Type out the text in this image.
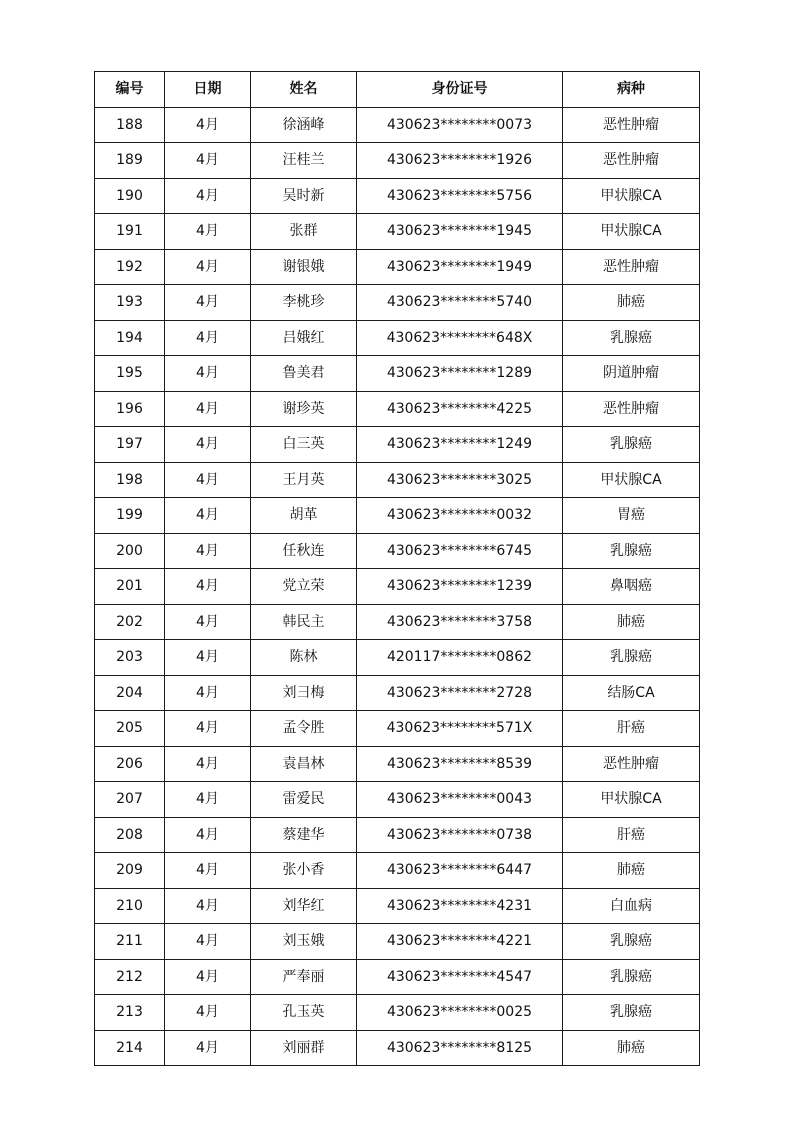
编号	日期	姓名	身份证号	病种
188	4月	徐涵峰	430623********0073	恶性肿瘤
189	4月	汪桂兰	430623********1926	恶性肿瘤
190	4月	吴时新	430623********5756	甲状腺CA
191	4月	张群	430623********1945	甲状腺CA
192	4月	谢银娥	430623********1949	恶性肿瘤
193	4月	李桃珍	430623********5740	肺癌
194	4月	吕娥红	430623********648X	乳腺癌
195	4月	鲁美君	430623********1289	阴道肿瘤
196	4月	谢珍英	430623********4225	恶性肿瘤
197	4月	白三英	430623********1249	乳腺癌
198	4月	王月英	430623********3025	甲状腺CA
199	4月	胡革	430623********0032	胃癌
200	4月	任秋连	430623********6745	乳腺癌
201	4月	党立荣	430623********1239	鼻咽癌
202	4月	韩民主	430623********3758	肺癌
203	4月	陈林	420117********0862	乳腺癌
204	4月	刘彐梅	430623********2728	结肠CA
205	4月	孟令胜	430623********571X	肝癌
206	4月	袁昌林	430623********8539	恶性肿瘤
207	4月	雷爱民	430623********0043	甲状腺CA
208	4月	蔡建华	430623********0738	肝癌
209	4月	张小香	430623********6447	肺癌
210	4月	刘华红	430623********4231	白血病
211	4月	刘玉娥	430623********4221	乳腺癌
212	4月	严奉丽	430623********4547	乳腺癌
213	4月	孔玉英	430623********0025	乳腺癌
214	4月	刘丽群	430623********8125	肺癌
